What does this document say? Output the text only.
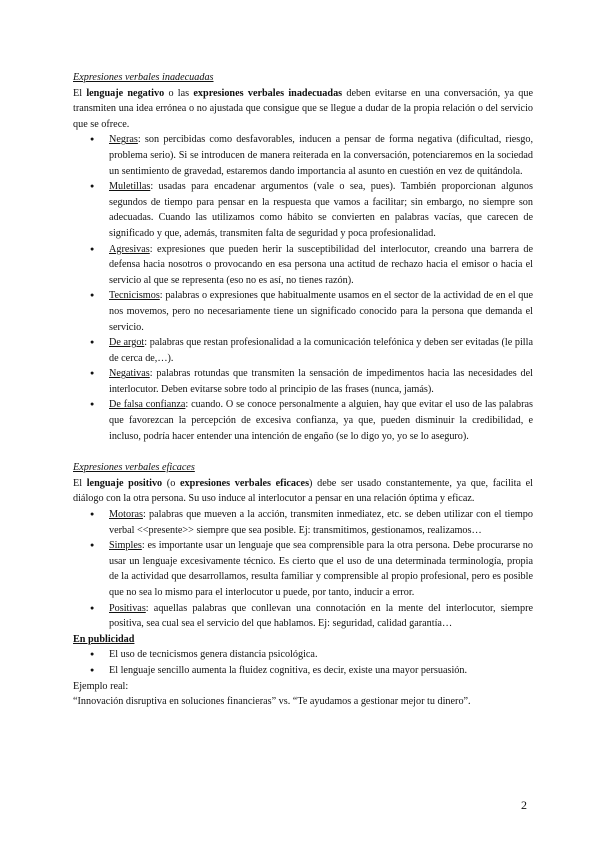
Expresiones verbales inadecuadas

El lenguaje negativo o las expresiones verbales inadecuadas deben evitarse en una conversación, ya que transmiten una idea errónea o no ajustada que consigue que se llegue a dudar de la propia relación o del servicio que se ofrece.

● Negras: son percibidas como desfavorables, inducen a pensar de forma negativa (dificultad, riesgo, problema serio). Si se introducen de manera reiterada en la conversación, potenciaremos en la sociedad un sentimiento de gravedad, estaremos dando importancia al asunto en cuestión en vez de quitándola.
● Muletillas: usadas para encadenar argumentos (vale o sea, pues). También proporcionan algunos segundos de tiempo para pensar en la respuesta que vamos a facilitar; sin embargo, no siempre son adecuadas. Cuando las utilizamos como hábito se convierten en palabras vacías, que carecen de significado y que, además, transmiten falta de seguridad y poca profesionalidad.
● Agresivas: expresiones que pueden herir la susceptibilidad del interlocutor, creando una barrera de defensa hacia nosotros o provocando en esa persona una actitud de rechazo hacia el emisor o hacia el servicio al que se representa (eso no es así, no tienes razón).
● Tecnicismos: palabras o expresiones que habitualmente usamos en el sector de la actividad de en el que nos movemos, pero no necesariamente tiene un significado conocido para la persona que demanda el servicio.
● De argot: palabras que restan profesionalidad a la comunicación telefónica y deben ser evitadas (le pilla de cerca de,…).
● Negativas: palabras rotundas que transmiten la sensación de impedimentos hacia las necesidades del interlocutor. Deben evitarse sobre todo al principio de las frases (nunca, jamás).
● De falsa confianza: cuando. O se conoce personalmente a alguien, hay que evitar el uso de las palabras que favorezcan la percepción de excesiva confianza, ya que, pueden disminuir la credibilidad, e incluso, podría hacer entender una intención de engaño (se lo digo yo, yo se lo aseguro).
Expresiones verbales eficaces

El lenguaje positivo (o expresiones verbales eficaces) debe ser usado constantemente, ya que, facilita el diálogo con la otra persona. Su uso induce al interlocutor a pensar en una relación óptima y eficaz.

● Motoras: palabras que mueven a la acción, transmiten inmediatez, etc. se deben utilizar con el tiempo verbal <<presente>> siempre que sea posible. Ej: transmitimos, gestionamos, realizamos…
● Simples: es importante usar un lenguaje que sea comprensible para la otra persona. Debe procurarse no usar un lenguaje excesivamente técnico. Es cierto que el uso de una determinada terminología, propia de la actividad que desarrollamos, resulta familiar y comprensible al propio profesional, pero es posible que no sea lo mismo para el interlocutor u puede, por tanto, inducir a error.
● Positivas: aquellas palabras que conllevan una connotación en la mente del interlocutor, siempre positiva, sea cual sea el servicio del que hablamos. Ej: seguridad, calidad garantía…
En publicidad
● El uso de tecnicismos genera distancia psicológica.
● El lenguaje sencillo aumenta la fluidez cognitiva, es decir, existe una mayor persuasión.

Ejemplo real:

“Innovación disruptiva en soluciones financieras” vs. “Te ayudamos a gestionar mejor tu dinero”.

2
